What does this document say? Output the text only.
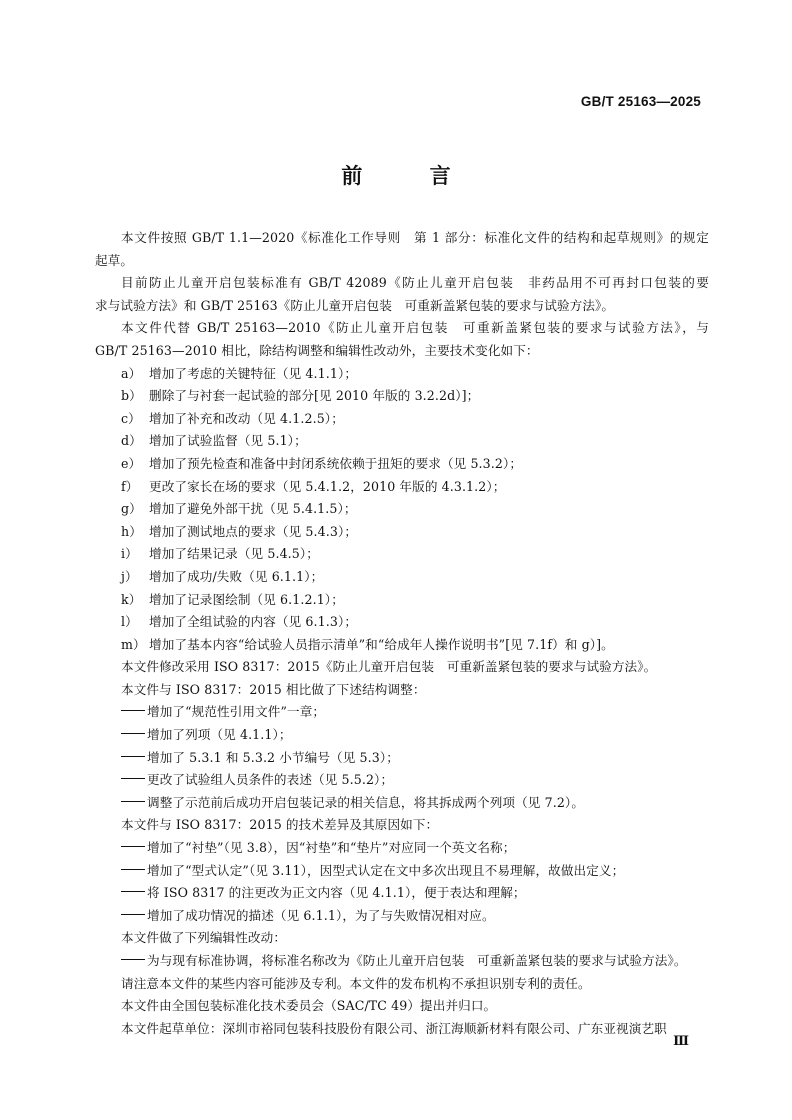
GB/T 25163—2025
前 言

本文件按照 GB/T 1.1—2020《标准化工作导则　第 1 部分：标准化文件的结构和起草规则》的规定

起草。

目前防止儿童开启包装标准有 GB/T 42089《防止儿童开启包装　非药品用不可再封口包装的要

求与试验方法》和 GB/T 25163《防止儿童开启包装　可重新盖紧包装的要求与试验方法》。

本文件代替 GB/T 25163—2010《防止儿童开启包装　可重新盖紧包装的要求与试验方法》，与

GB/T 25163—2010 相比，除结构调整和编辑性改动外，主要技术变化如下：

a） 增加了考虑的关键特征（见 4.1.1）；

b） 删除了与衬套一起试验的部分[见 2010 年版的 3.2.2d）]；

c） 增加了补充和改动（见 4.1.2.5）；

d） 增加了试验监督（见 5.1）；

e） 增加了预先检查和准备中封闭系统依赖于扭矩的要求（见 5.3.2）；

f） 更改了家长在场的要求（见 5.4.1.2，2010 年版的 4.3.1.2）；

g） 增加了避免外部干扰（见 5.4.1.5）；

h） 增加了测试地点的要求（见 5.4.3）；

i） 增加了结果记录（见 5.4.5）；

j） 增加了成功/失败（见 6.1.1）；

k） 增加了记录图绘制（见 6.1.2.1）；

l） 增加了全组试验的内容（见 6.1.3）；

m） 增加了基本内容“给试验人员指示清单”和“给成年人操作说明书”[见 7.1f）和 g）]。

本文件修改采用 ISO 8317：2015《防止儿童开启包装　可重新盖紧包装的要求与试验方法》。

本文件与 ISO 8317：2015 相比做了下述结构调整：

增加了“规范性引用文件”一章；

增加了列项（见 4.1.1）；

增加了 5.3.1 和 5.3.2 小节编号（见 5.3）；

更改了试验组人员条件的表述（见 5.5.2）；

调整了示范前后成功开启包装记录的相关信息，将其拆成两个列项（见 7.2）。

本文件与 ISO 8317：2015 的技术差异及其原因如下：

增加了“衬垫”（见 3.8），因“衬垫”和“垫片”对应同一个英文名称；

增加了“型式认定”（见 3.11），因型式认定在文中多次出现且不易理解，故做出定义；

将 ISO 8317 的注更改为正文内容（见 4.1.1），便于表达和理解；

增加了成功情况的描述（见 6.1.1），为了与失败情况相对应。

本文件做了下列编辑性改动：

为与现有标准协调，将标准名称改为《防止儿童开启包装　可重新盖紧包装的要求与试验方法》。

请注意本文件的某些内容可能涉及专利。本文件的发布机构不承担识别专利的责任。

本文件由全国包装标准化技术委员会（SAC/TC 49）提出并归口。

本文件起草单位：深圳市裕同包装科技股份有限公司、浙江海顺新材料有限公司、广东亚视演艺职

Ⅲ
